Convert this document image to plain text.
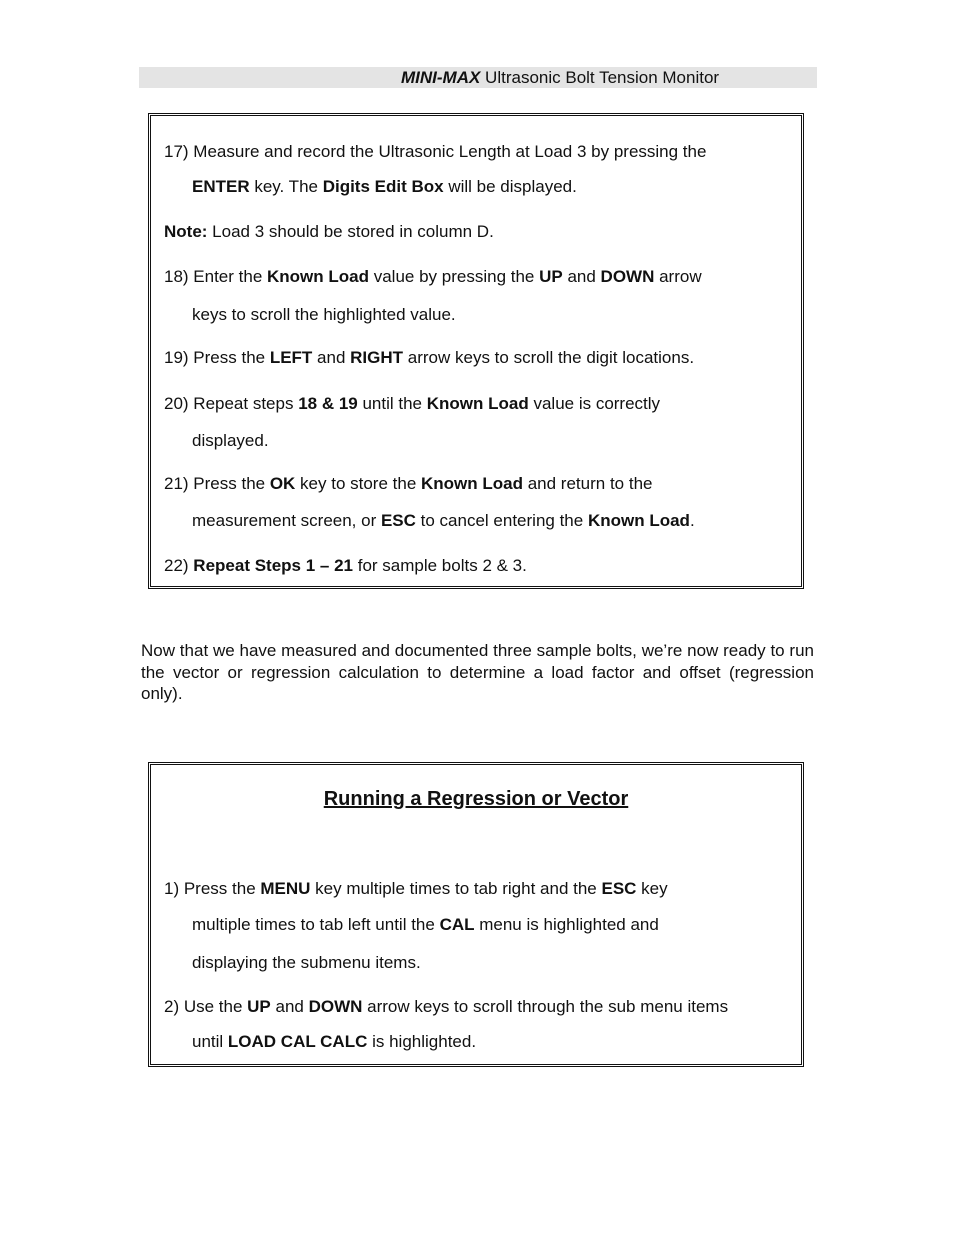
MINI-MAX Ultrasonic Bolt Tension Monitor
17) Measure and record the Ultrasonic Length at Load 3 by pressing the
ENTER key. The Digits Edit Box will be displayed.
Note: Load 3 should be stored in column D.
18) Enter the Known Load value by pressing the UP and DOWN arrow
keys to scroll the highlighted value.
19) Press the LEFT and RIGHT arrow keys to scroll the digit locations.
20) Repeat steps 18 & 19 until the Known Load value is correctly
displayed.
21) Press the OK key to store the Known Load and return to the
measurement screen, or ESC to cancel entering the Known Load.
22) Repeat Steps 1 – 21 for sample bolts 2 & 3.
Now that we have measured and documented three sample bolts, we’re now ready to run the vector or regression calculation to determine a load factor and offset (regression only).
Running a Regression or Vector
1) Press the MENU key multiple times to tab right and the ESC key
multiple times to tab left until the CAL menu is highlighted and
displaying the submenu items.
2) Use the UP and DOWN arrow keys to scroll through the sub menu items
until LOAD CAL CALC is highlighted.
